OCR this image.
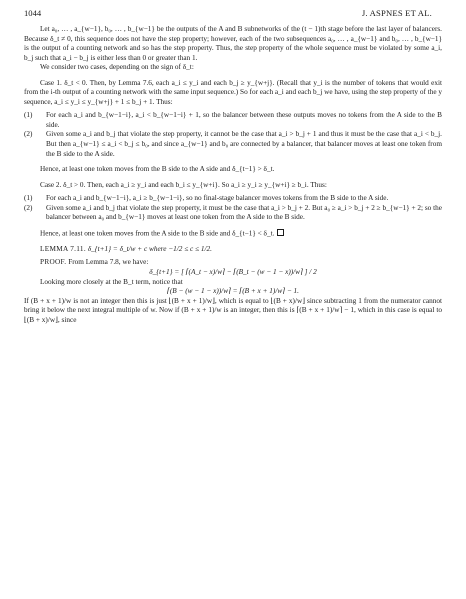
1044	J. ASPNES ET AL.

Let a₀, … , a_{w−1}, b₀, … , b_{w−1} be the outputs of the A and B subnetworks of the (t − 1)th stage before the last layer of balancers. Because δ_t ≠ 0, this sequence does not have the step property; however, each of the two subsequences a₀, … , a_{w−1} and b₀, … , b_{w−1} is the output of a counting network and so has the step property. Thus, the step property of the whole sequence must be violated by some a_i, b_j such that a_i − b_j is either less than 0 or greater than 1.

We consider two cases, depending on the sign of δ_t:

Case 1. δ_t < 0. Then, by Lemma 7.6, each a_i ≤ y_i and each b_j ≥ y_{w+j}. (Recall that y_i is the number of tokens that would exit from the i-th output of a counting network with the same input sequence.) So for each a_i and each b_j we have, using the step property of the y sequence, a_i ≤ y_i ≤ y_{w+j} + 1 ≤ b_j + 1. Thus:

(1) For each a_i and b_{w−1−i}, a_i < b_{w−1−i} + 1, so the balancer between these outputs moves no tokens from the A side to the B side.

(2) Given some a_i and b_j that violate the step property, it cannot be the case that a_i > b_j + 1 and thus it must be the case that a_i < b_j. But then a_{w−1} ≤ a_i < b_j ≤ b₀, and since a_{w−1} and b₀ are connected by a balancer, that balancer moves at least one token from the B side to the A side.

Hence, at least one token moves from the B side to the A side and δ_{t−1} > δ_t.

Case 2. δ_t > 0. Then, each a_i ≥ y_i and each b_i ≤ y_{w+i}. So a_i ≥ y_i ≥ y_{w+i} ≥ b_i. Thus:

(1) For each a_i and b_{w−1−i}, a_i ≥ b_{w−1−i}, so no final-stage balancer moves tokens from the B side to the A side.

(2) Given some a_i and b_j that violate the step property, it must be the case that a_i > b_j + 2. But a₀ ≥ a_i > b_j + 2 ≥ b_{w−1} + 2; so the balancer between a₀ and b_{w−1} moves at least one token from the A side to the B side.

Hence, at least one token moves from the A side to the B side and δ_{t−1} < δ_t.

LEMMA 7.11. δ_{t+1} = δ_t/w + c where −1/2 ≤ c ≤ 1/2.

PROOF. From Lemma 7.8, we have:

δ_{t+1} = [ ⌈(A_t − x)/w⌉ − ⌈(B_t − (w − 1 − x))/w⌉ ] / 2

Looking more closely at the B_t term, notice that

⌈(B − (w − 1 − x))/w⌉ = ⌈(B + x + 1)/w⌉ − 1.

If (B + x + 1)/w is not an integer then this is just ⌊(B + x + 1)/w⌋, which is equal to ⌊(B + x)/w⌋ since subtracting 1 from the numerator cannot bring it below the next integral multiple of w. Now if (B + x + 1)/w is an integer, then this is ⌈(B + x + 1)/w⌉ − 1, which in this case is equal to ⌊(B + x)/w⌋, since
